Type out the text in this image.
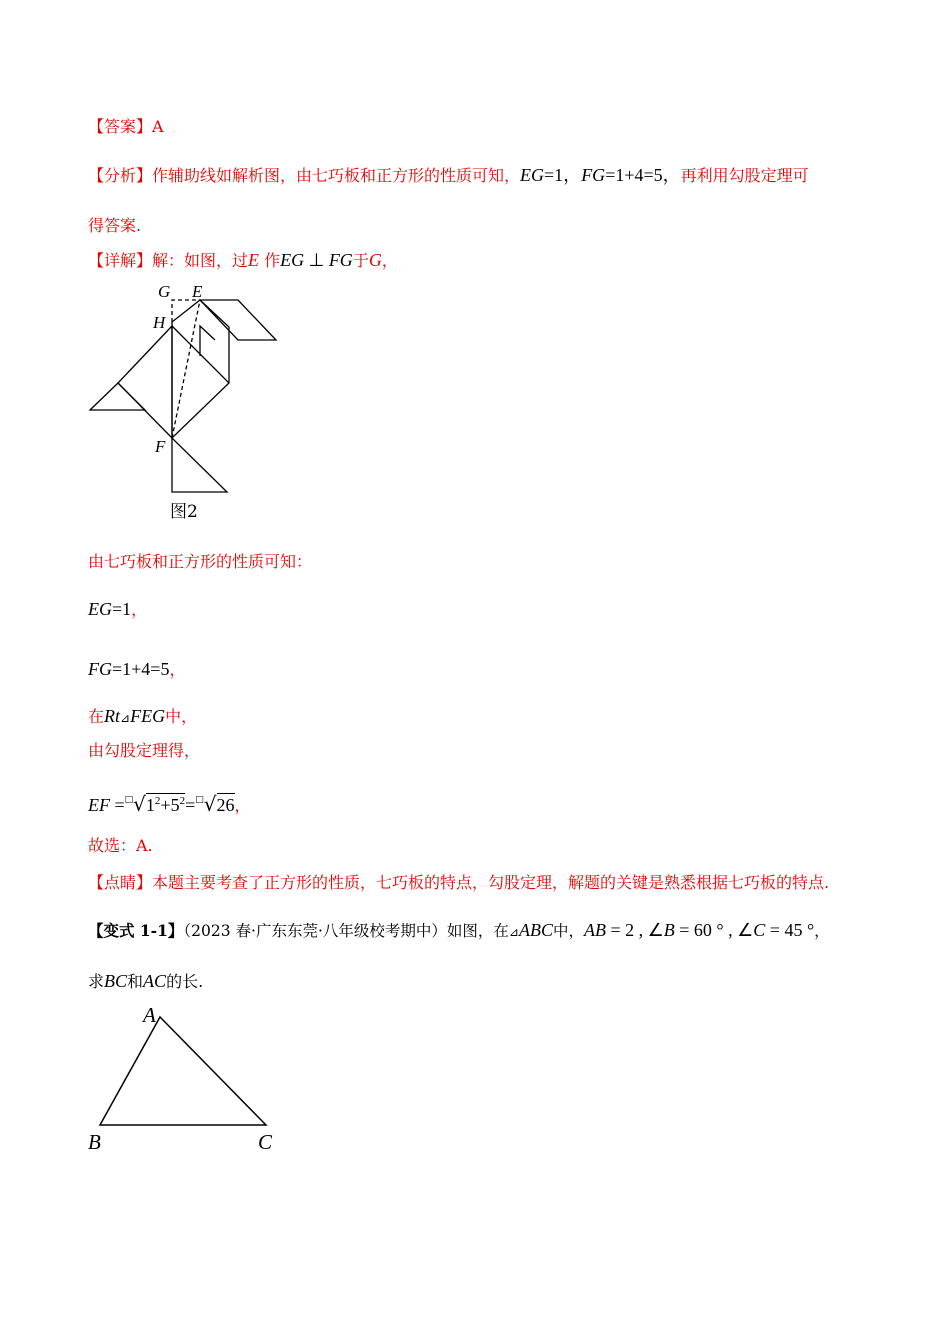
【答案】A
【分析】作辅助线如解析图，由七巧板和正方形的性质可知，EG=1，FG=1+4=5，再利用勾股定理可
得答案.
【详解】解：如图，过E 作EG ⊥ FG于G，
G E
H
F
图2
由七巧板和正方形的性质可知：
EG=1，
FG=1+4=5，
在Rt⊿FEG中，
由勾股定理得，
EF $=^□√1^2+5^2=^□√26$，
故选：A.
【点睛】本题主要考查了正方形的性质，七巧板的特点，勾股定理，解题的关键是熟悉根据七巧板的特点.
【变式 1-1】（2023 春·广东东莞·八年级校考期中）如图，在⊿ABC中，AB = 2 , ∠B = 60 ° , ∠C = 45 °，
求BC和AC的长.
A
B	C
